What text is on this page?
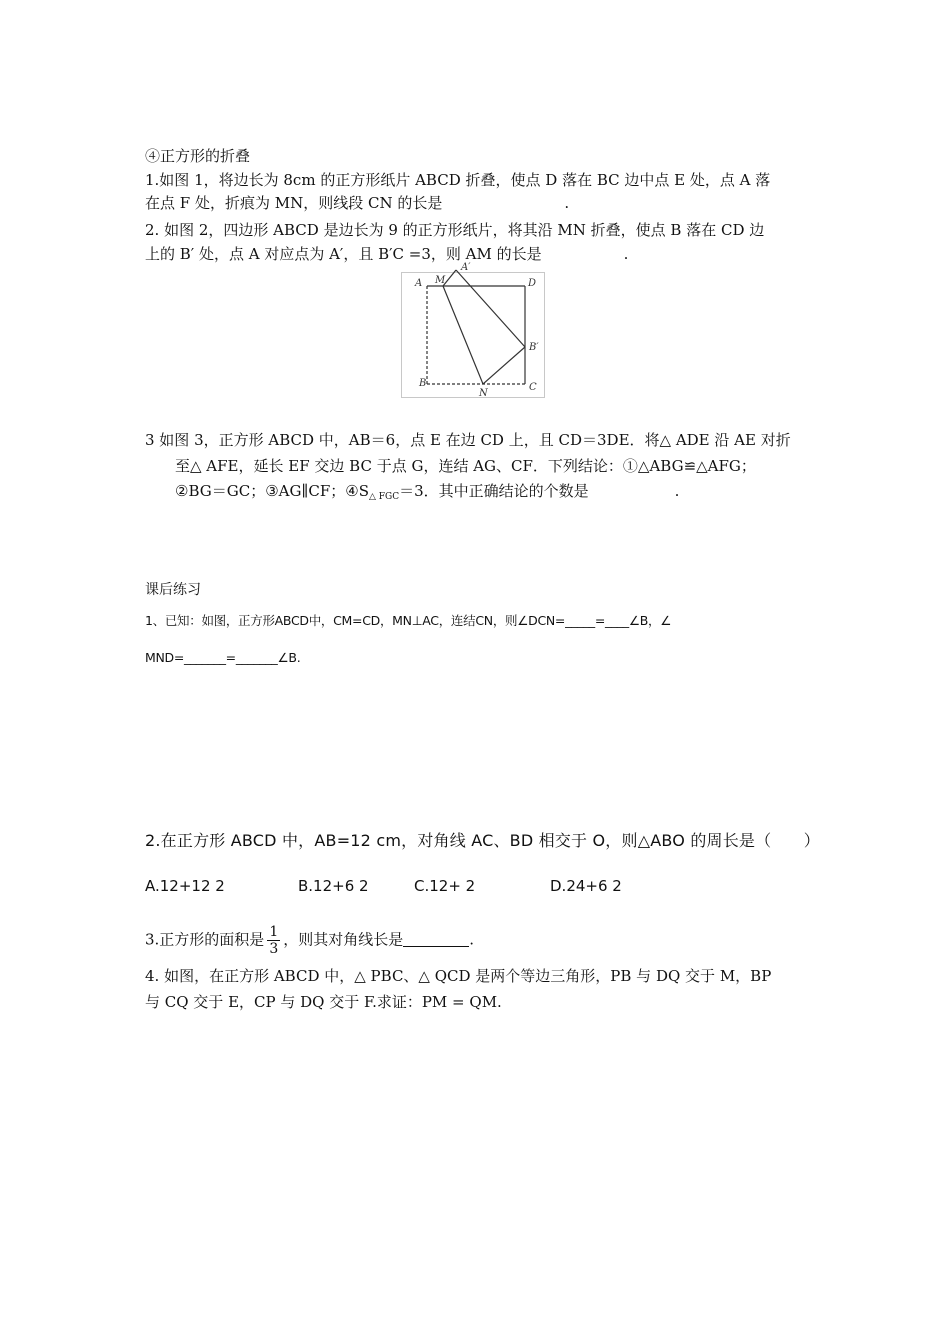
④正方形的折叠
1.如图 1，将边长为 8cm 的正方形纸片 ABCD 折叠，使点 D 落在 BC 边中点 E 处，点 A 落
在点 F 处，折痕为 MN，则线段 CN 的长是	.
2. 如图 2，四边形 ABCD 是边长为 9 的正方形纸片，将其沿 MN 折叠，使点 B 落在 CD 边
上的 B′ 处，点 A 对应点为 A′，且 B′C =3，则 AM 的长是	.
A M
A′
D
B′
B
N
C
3 如图 3，正方形 ABCD 中，AB＝6，点 E 在边 CD 上，且 CD＝3DE．将△ ADE 沿 AE 对折
至△ AFE，延长 EF 交边 BC 于点 G，连结 AG、CF．下列结论：①△ABG≌△AFG；
②BG＝GC；③AG∥CF；$④S_{\triangle FGC}=3$．其中正确结论的个数是	.
课后练习
1、已知：如图，正方形ABCD中，CM=CD，MN⊥AC，连结CN，则∠DCN=_____=____∠B，∠
MND=_______=_______∠B.
2.在正方形 ABCD 中，AB=12 cm，对角线 AC、BD 相交于 O，则△ABO 的周长是（　　）
A.12+12 2	B.12+6 2	C.12+ 2	D.24+6 2
3.正方形的面积是 $\frac{1}{3}$ ，则其对角线长是	.
4. 如图，在正方形 ABCD 中，△ PBC、△ QCD 是两个等边三角形，PB 与 DQ 交于 M，BP
与 CQ 交于 E，CP 与 DQ 交于 F.求证：PM = QM.
